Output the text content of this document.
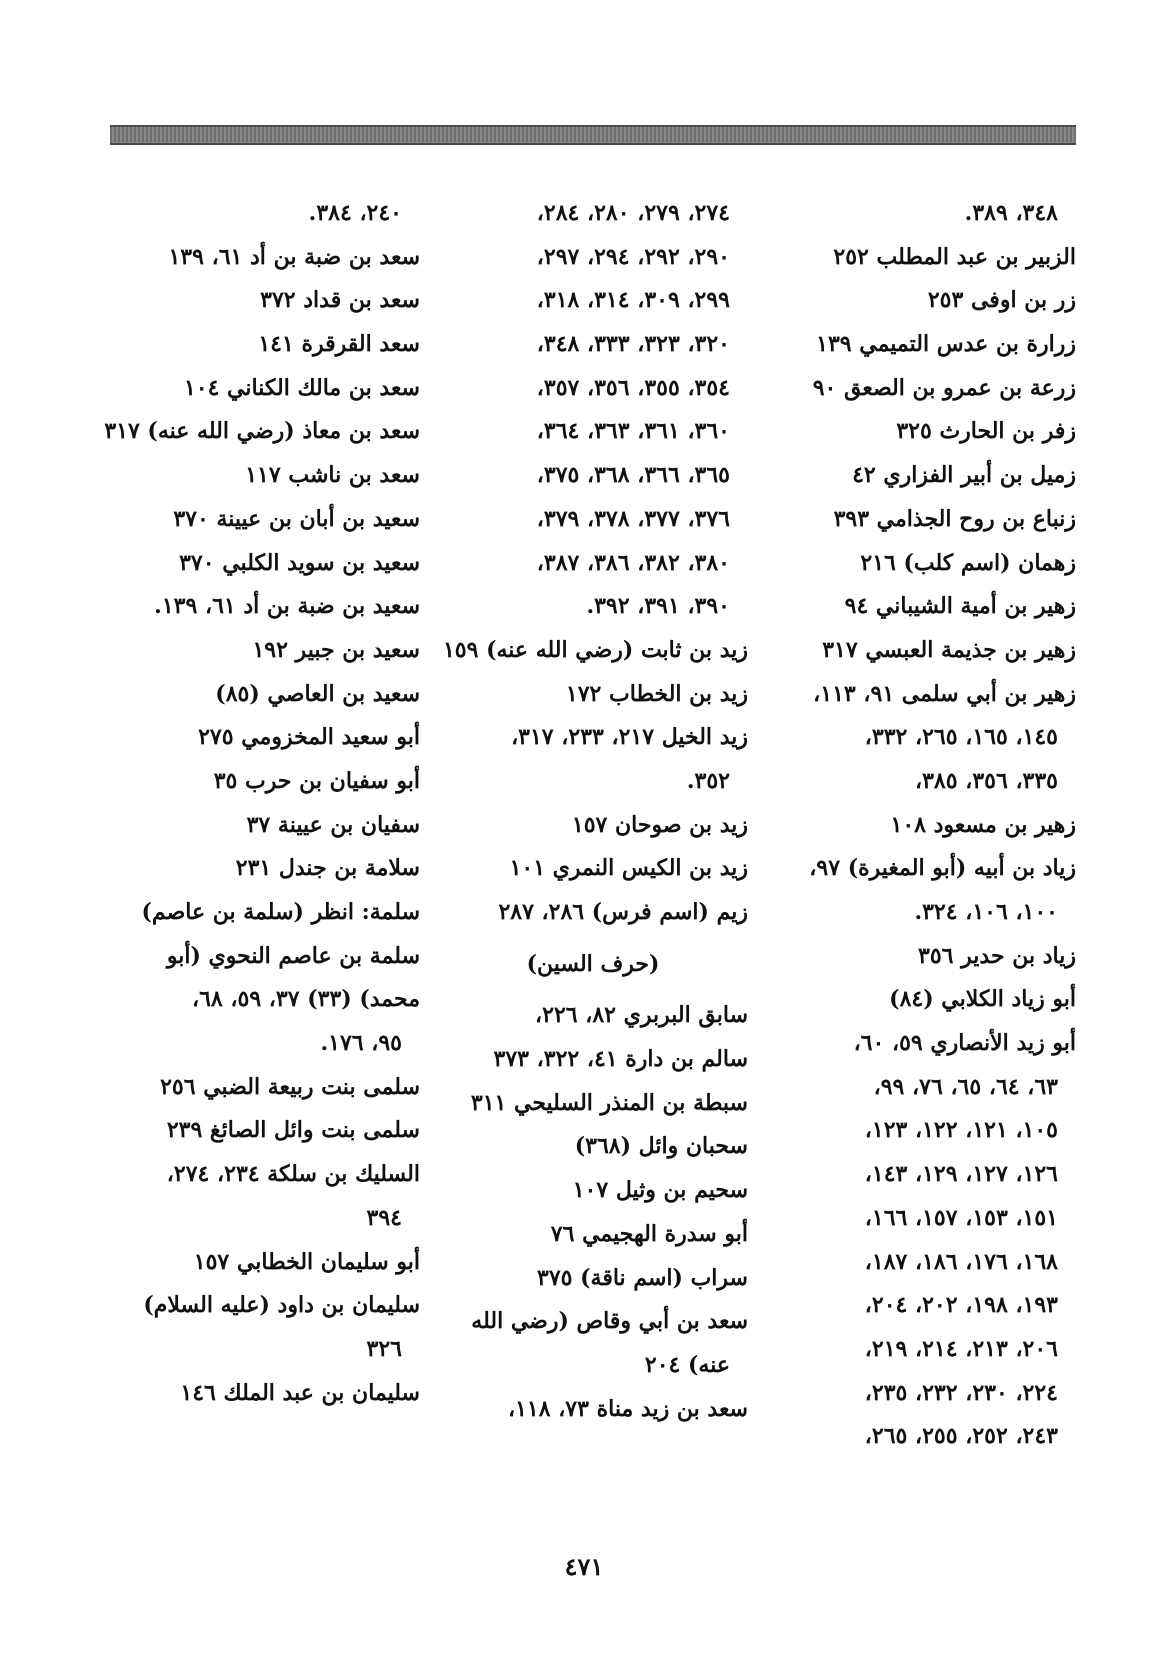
٣٤٨، ٣٨٩.
الزبير بن عبد المطلب ٢٥٢
زر بن اوفى ٢٥٣
زرارة بن عدس التميمي ١٣٩
زرعة بن عمرو بن الصعق ٩٠
زفر بن الحارث ٣٢٥
زميل بن أبير الفزاري ٤٢
زنباع بن روح الجذامي ٣٩٣
زهمان (اسم كلب) ٢١٦
زهير بن أمية الشيباني ٩٤
زهير بن جذيمة العبسي ٣١٧
زهير بن أبي سلمى ٩١، ١١٣،
١٤٥، ١٦٥، ٢٦٥، ٣٣٢،
٣٣٥، ٣٥٦، ٣٨٥،
زهير بن مسعود ١٠٨
زياد بن أبيه (أبو المغيرة) ٩٧،
١٠٠، ١٠٦، ٣٢٤.
زياد بن حدير ٣٥٦
أبو زياد الكلابي (٨٤)
أبو زيد الأنصاري ٥٩، ٦٠،
٦٣، ٦٤، ٦٥، ٧٦، ٩٩،
١٠٥، ١٢١، ١٢٢، ١٢٣،
١٢٦، ١٢٧، ١٢٩، ١٤٣،
١٥١، ١٥٣، ١٥٧، ١٦٦،
١٦٨، ١٧٦، ١٨٦، ١٨٧،
١٩٣، ١٩٨، ٢٠٢، ٢٠٤،
٢٠٦، ٢١٣، ٢١٤، ٢١٩،
٢٢٤، ٢٣٠، ٢٣٢، ٢٣٥،
٢٤٣، ٢٥٢، ٢٥٥، ٢٦٥،
٢٧٤، ٢٧٩، ٢٨٠، ٢٨٤،
٢٩٠، ٢٩٢، ٢٩٤، ٢٩٧،
٢٩٩، ٣٠٩، ٣١٤، ٣١٨،
٣٢٠، ٣٢٣، ٣٣٣، ٣٤٨،
٣٥٤، ٣٥٥، ٣٥٦، ٣٥٧،
٣٦٠، ٣٦١، ٣٦٣، ٣٦٤،
٣٦٥، ٣٦٦، ٣٦٨، ٣٧٥،
٣٧٦، ٣٧٧، ٣٧٨، ٣٧٩،
٣٨٠، ٣٨٢، ٣٨٦، ٣٨٧،
٣٩٠، ٣٩١، ٣٩٢.
زيد بن ثابت (رضي الله عنه) ١٥٩
زيد بن الخطاب ١٧٢
زيد الخيل ٢١٧، ٢٣٣، ٣١٧،
٣٥٢.
زيد بن صوحان ١٥٧
زيد بن الكيس النمري ١٠١
زيم (اسم فرس) ٢٨٦، ٢٨٧
(حرف السين)
سابق البربري ٨٢، ٢٢٦،
سالم بن دارة ٤١، ٣٢٢، ٣٧٣
سبطة بن المنذر السليحي ٣١١
سحبان وائل (٣٦٨)
سحيم بن وثيل ١٠٧
أبو سدرة الهجيمي ٧٦
سراب (اسم ناقة) ٣٧٥
سعد بن أبي وقاص (رضي الله
عنه) ٢٠٤
سعد بن زيد مناة ٧٣، ١١٨،
٢٤٠، ٣٨٤.
سعد بن ضبة بن أد ٦١، ١٣٩
سعد بن قداد ٣٧٢
سعد القرقرة ١٤١
سعد بن مالك الكناني ١٠٤
سعد بن معاذ (رضي الله عنه) ٣١٧
سعد بن ناشب ١١٧
سعيد بن أبان بن عيينة ٣٧٠
سعيد بن سويد الكلبي ٣٧٠
سعيد بن ضبة بن أد ٦١، ١٣٩.
سعيد بن جبير ١٩٢
سعيد بن العاصي (٨٥)
أبو سعيد المخزومي ٢٧٥
أبو سفيان بن حرب ٣٥
سفيان بن عيينة ٣٧
سلامة بن جندل ٢٣١
سلمة: انظر (سلمة بن عاصم)
سلمة بن عاصم النحوي (أبو
محمد) (٣٣) ٣٧، ٥٩، ٦٨،
٩٥، ١٧٦.
سلمى بنت ربيعة الضبي ٢٥٦
سلمى بنت وائل الصائغ ٢٣٩
السليك بن سلكة ٢٣٤، ٢٧٤،
٣٩٤
أبو سليمان الخطابي ١٥٧
سليمان بن داود (عليه السلام)
٣٢٦
سليمان بن عبد الملك ١٤٦
٤٧١
